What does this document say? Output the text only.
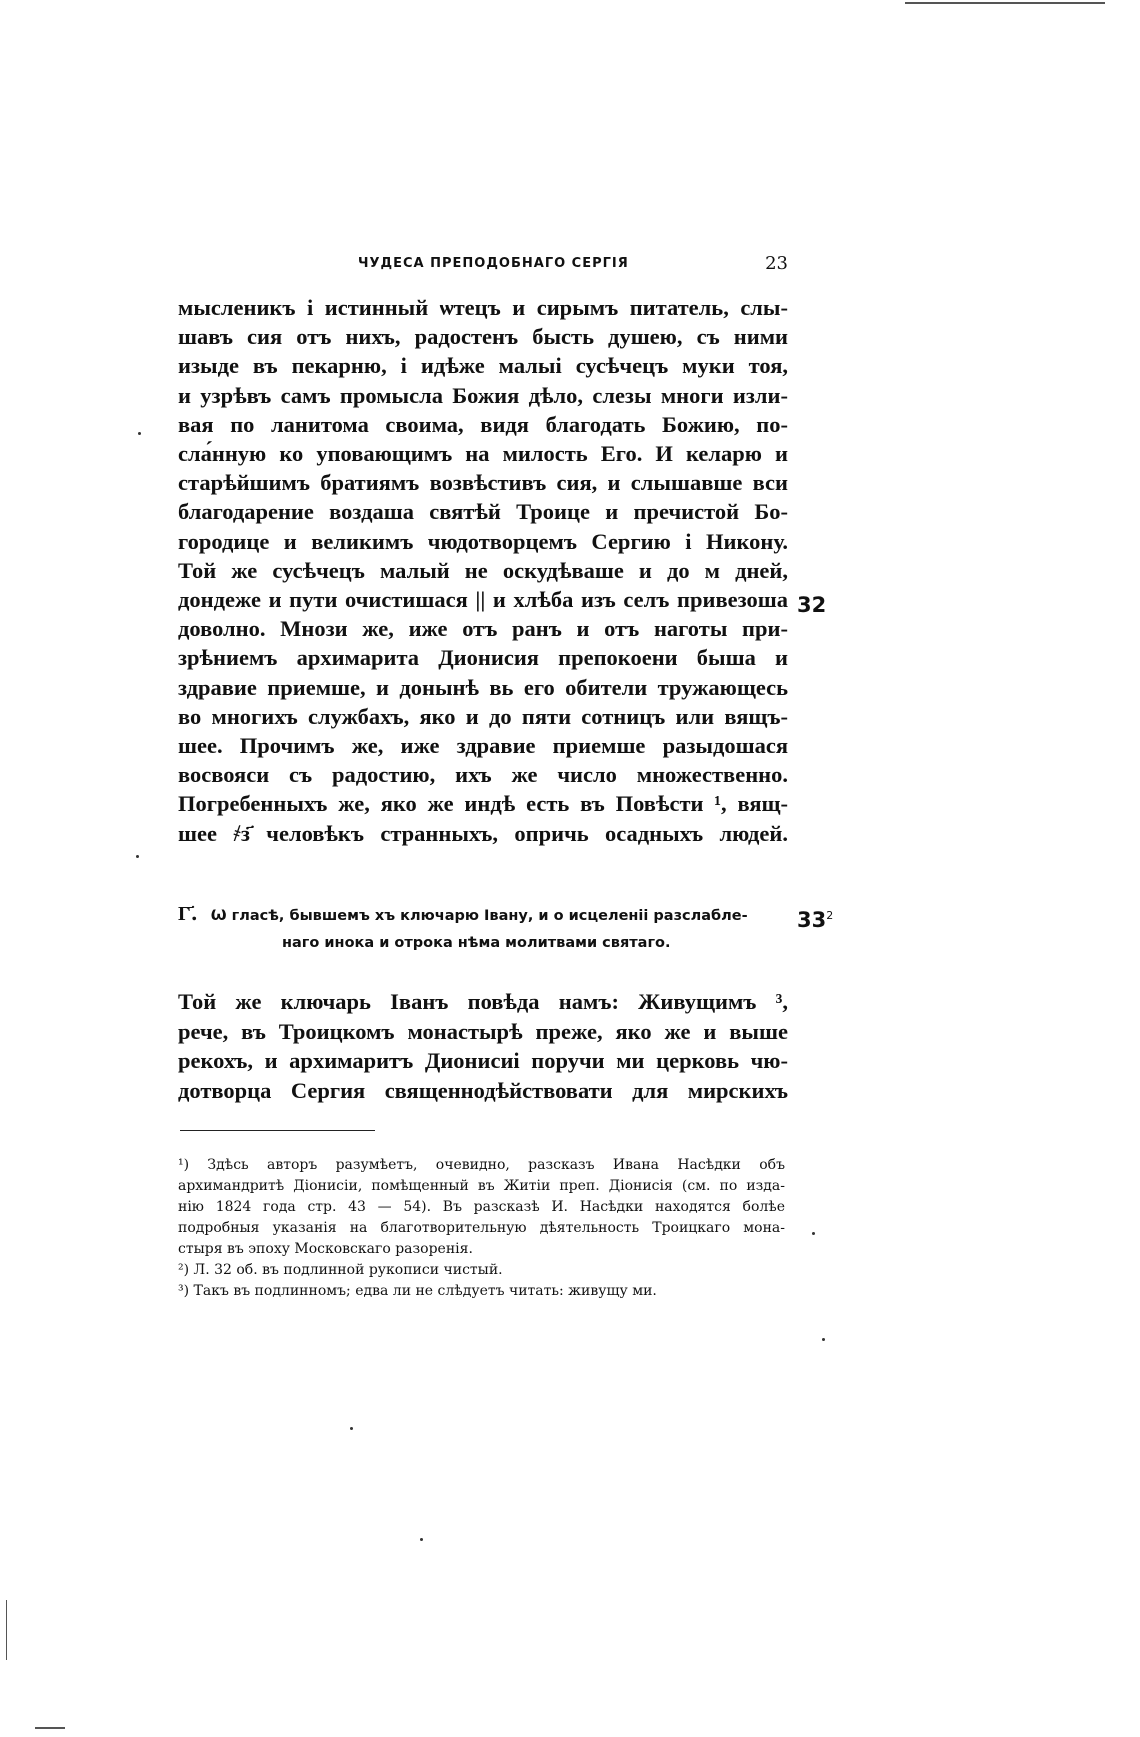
ЧУДЕСА ПРЕПОДОБНАГО СЕРГІЯ	23
мысленикъ і истинный ѡтецъ и сирымъ питатель, слы-
шавъ сия отъ нихъ, радостенъ бысть душею, съ ними
изыде въ пекарню, і идѣже малыі сусѣчецъ муки тоя,
и узрѣвъ самъ промысла Божия дѣло, слезы многи изли-
вая по ланитома своима, видя благодать Божию, по-
сла́нную ко уповающимъ на милость Его. И келарю и
старѣйшимъ братиямъ возвѣстивъ сия, и слышавше вси
благодарение воздаша святѣй Троице и пречистой Бо-
городице и великимъ чюдотворцемъ Сергию і Никону.
Той же сусѣчецъ малый не оскудѣваше и до м дней,
дондеже и пути очистишася || и хлѣба изъ селъ привезоша
доволно. Мнози же, иже отъ ранъ и отъ наготы при-
зрѣниемъ архимарита Дионисия препокоени быша и
здравие приемше, и донынѣ вь его обители тружающесь
во многихъ службахъ, яко и до пяти сотницъ или вящъ-
шее. Прочимъ же, иже здравие приемше разыдошася
восвояси съ радостию, ихъ же число множественно.
Погребенныхъ же, яко же индѣ есть въ Повѣсти ¹, вящ-
шее ҂з҃ человѣкъ странныхъ, опричь осадныхъ людей.
32
Г҃. Ѡ гласѣ, бывшемъ хъ ключарю Івану, и о исцеленіі разслабле-
наго инока и отрока нѣма молитвами святаго.
$33^2$
Той же ключарь Іванъ повѣда намъ: Живущимъ ³,
рече, въ Троицкомъ монастырѣ преже, яко же и выше
рекохъ, и архимаритъ Дионисиі поручи ми церковь чю-
дотворца Сергия священнодѣйствовати для мирскихъ
¹) Здѣсь авторъ разумѣетъ, очевидно, разсказъ Ивана Насѣдки объ
архимандритѣ Діонисіи, помѣщенный въ Житіи преп. Діонисія (см. по изда-
нію 1824 года стр. 43 — 54). Въ разсказѣ И. Насѣдки находятся болѣе
подробныя указанія на благотворительную дѣятельность Троицкаго мона-
стыря въ эпоху Московскаго разоренія.
²) Л. 32 об. въ подлинной рукописи чистый.
³) Такъ въ подлинномъ; едва ли не слѣдуетъ читать: живущу ми.
